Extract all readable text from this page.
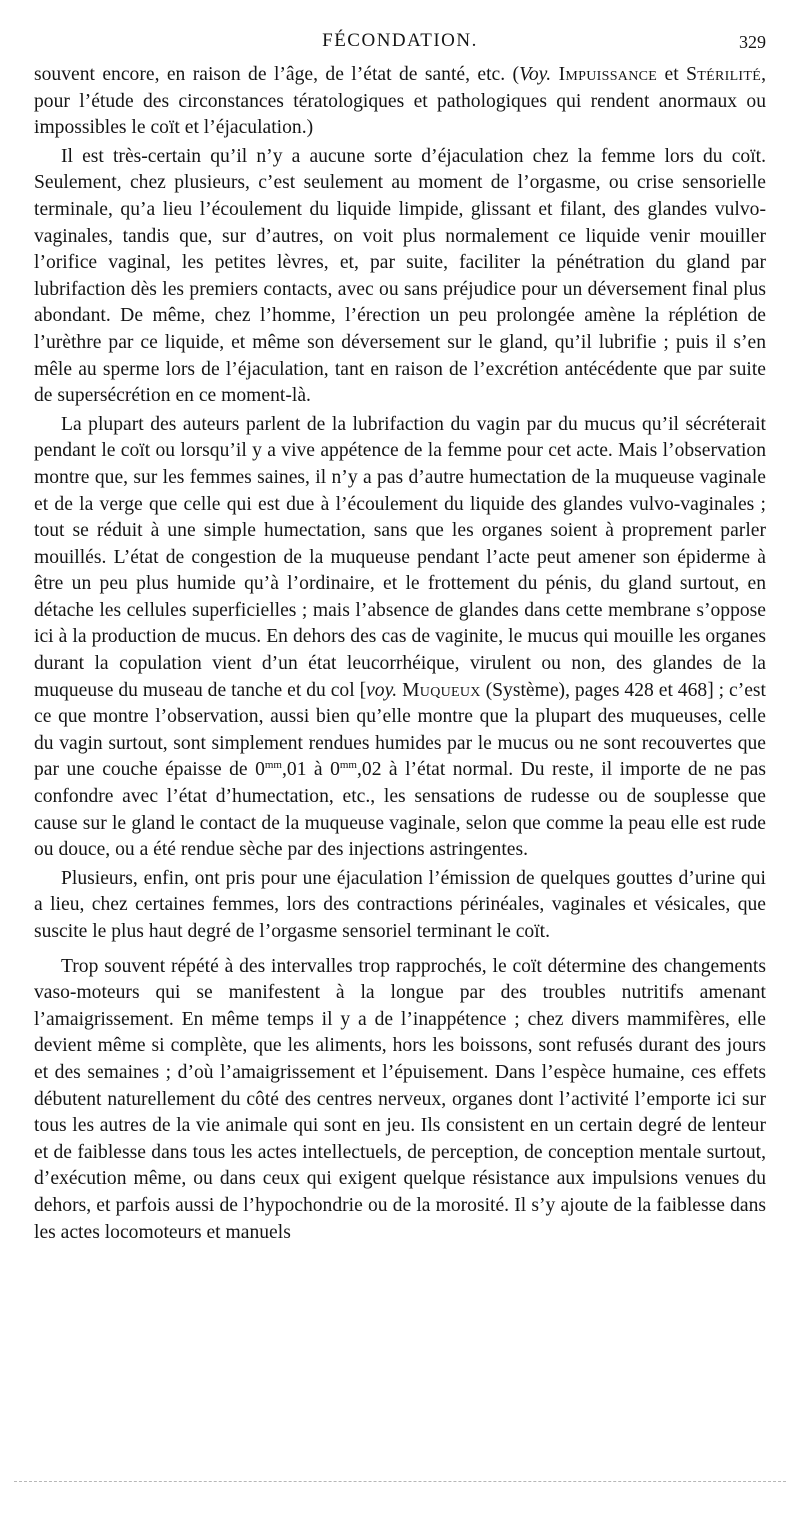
FÉCONDATION.	329

souvent encore, en raison de l’âge, de l’état de santé, etc. (Voy. Impuissance et Stérilité, pour l’étude des circonstances tératologiques et pathologiques qui rendent anormaux ou impossibles le coït et l’éjaculation.)

Il est très-certain qu’il n’y a aucune sorte d’éjaculation chez la femme lors du coït. Seulement, chez plusieurs, c’est seulement au moment de l’orgasme, ou crise sensorielle terminale, qu’a lieu l’écoulement du liquide limpide, glissant et filant, des glandes vulvo-vaginales, tandis que, sur d’autres, on voit plus normalement ce liquide venir mouiller l’orifice vaginal, les petites lèvres, et, par suite, faciliter la pénétration du gland par lubrifaction dès les premiers contacts, avec ou sans préjudice pour un déversement final plus abondant. De même, chez l’homme, l’érection un peu prolongée amène la réplétion de l’urèthre par ce liquide, et même son déversement sur le gland, qu’il lubrifie ; puis il s’en mêle au sperme lors de l’éjaculation, tant en raison de l’excrétion antécédente que par suite de supersécrétion en ce moment-là.

La plupart des auteurs parlent de la lubrifaction du vagin par du mucus qu’il sécréterait pendant le coït ou lorsqu’il y a vive appétence de la femme pour cet acte. Mais l’observation montre que, sur les femmes saines, il n’y a pas d’autre humectation de la muqueuse vaginale et de la verge que celle qui est due à l’écoulement du liquide des glandes vulvo-vaginales ; tout se réduit à une simple humectation, sans que les organes soient à proprement parler mouillés. L’état de congestion de la muqueuse pendant l’acte peut amener son épiderme à être un peu plus humide qu’à l’ordinaire, et le frottement du pénis, du gland surtout, en détache les cellules superficielles ; mais l’absence de glandes dans cette membrane s’oppose ici à la production de mucus. En dehors des cas de vaginite, le mucus qui mouille les organes durant la copulation vient d’un état leucorrhéique, virulent ou non, des glandes de la muqueuse du museau de tanche et du col [voy. Muqueux (Système), pages 428 et 468] ; c’est ce que montre l’observation, aussi bien qu’elle montre que la plupart des muqueuses, celle du vagin surtout, sont simplement rendues humides par le mucus ou ne sont recouvertes que par une couche épaisse de $0^{mm},01$ à $0^{mm},02$ à l’état normal. Du reste, il importe de ne pas confondre avec l’état d’humectation, etc., les sensations de rudesse ou de souplesse que cause sur le gland le contact de la muqueuse vaginale, selon que comme la peau elle est rude ou douce, ou a été rendue sèche par des injections astringentes.

Plusieurs, enfin, ont pris pour une éjaculation l’émission de quelques gouttes d’urine qui a lieu, chez certaines femmes, lors des contractions périnéales, vaginales et vésicales, que suscite le plus haut degré de l’orgasme sensoriel terminant le coït.

Trop souvent répété à des intervalles trop rapprochés, le coït détermine des changements vaso-moteurs qui se manifestent à la longue par des troubles nutritifs amenant l’amaigrissement. En même temps il y a de l’inappétence ; chez divers mammifères, elle devient même si complète, que les aliments, hors les boissons, sont refusés durant des jours et des semaines ; d’où l’amaigrissement et l’épuisement. Dans l’espèce humaine, ces effets débutent naturellement du côté des centres nerveux, organes dont l’activité l’emporte ici sur tous les autres de la vie animale qui sont en jeu. Ils consistent en un certain degré de lenteur et de faiblesse dans tous les actes intellectuels, de perception, de conception mentale surtout, d’exécution même, ou dans ceux qui exigent quelque résistance aux impulsions venues du dehors, et parfois aussi de l’hypochondrie ou de la morosité. Il s’y ajoute de la faiblesse dans les actes locomoteurs et manuels
